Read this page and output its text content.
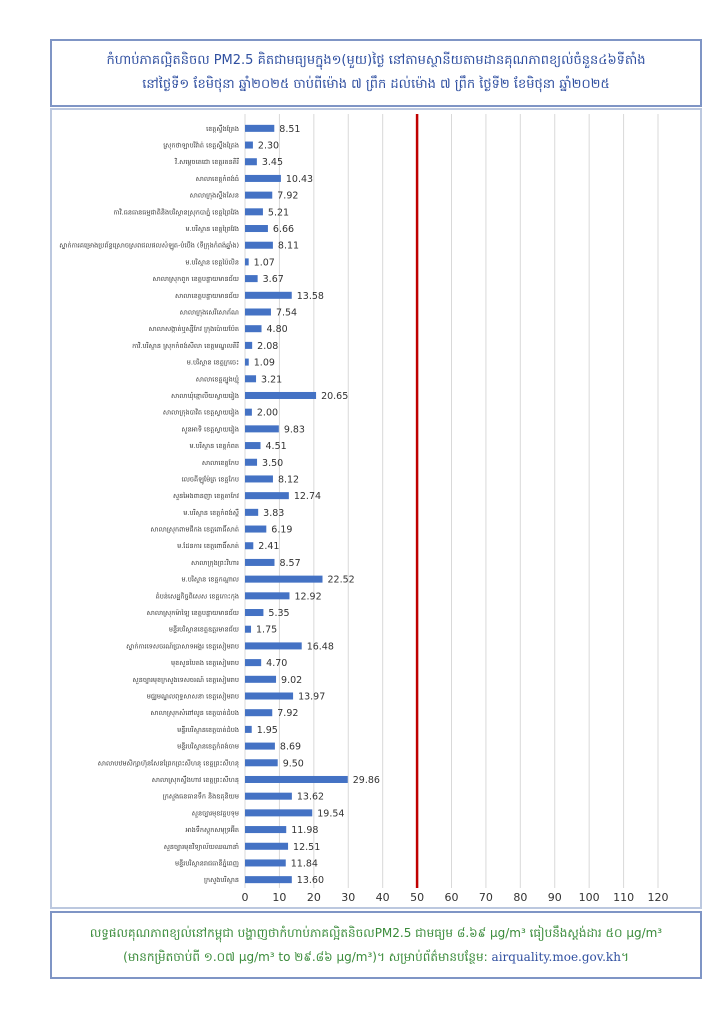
កំហាប់ភាគល្អិតនិចល PM2.5 គិតជាមធ្យមក្នុង១(មួយ)ថ្ងៃ នៅតាមស្ថានីយតាមដានគុណភាពខ្យល់ចំនួន៤៦ទីតាំង
នៅថ្ងៃទី១ ខែមិថុនា ឆ្នាំ២០២៥ ចាប់ពីម៉ោង ៧ ព្រឹក ដល់ម៉ោង ៧ ព្រឹក ថ្ងៃទី២ ខែមិថុនា ឆ្នាំ២០២៥
0 10 20 30 40 50 60 70 80 90 100 110 120
ខេត្តស្ទឹងត្រែង	8.51
ស្រុកថាឡាបរិវ៉ាត់ ខេត្តស្ទឹងត្រែង 2.30
វិ.សម្តេចតេជោ ខេត្តរតនគិរី 3.45
សាលាខេត្តកំពង់ធំ	10.43
សាលាក្រុងស្ទឹងសែន	7.92
កាវិ.ធនធានធម្មជាតិនិងបរិស្ថានស្រុកបាភ្នំ ខេត្តព្រៃវែង	5.21
ម.បរិស្ថាន ខេត្តព្រៃវែង	6.66
ស្នាក់ការគម្រោងប្រព័ន្ធស្រោចស្រពជលផលសំឡូត-បំបើង (ទីក្រុងកំពង់ឆ្នាំង)	8.11
ម.បរិស្ថាន ខេត្តប៉ៃលិន 1.07
សាលាស្រុកពួក ខេត្តបន្ទាយមានជ័យ 3.67
សាលាខេត្តបន្ទាយមានជ័យ	13.58
សាលាក្រុងសេរីសោភ័ណ	7.54
សាលាសង្កាត់ឬស្សីកែវ ក្រុងប៉ោយប៉ែត	4.80
កាវិ.បរិស្ថាន ស្រុកកំពង់សីលា ខេត្តមណ្ឌលគិរី 2.08
ម.បរិស្ថាន ខេត្តក្រចេះ 1.09
សាលាខេត្តត្បូងឃ្មុំ 3.21
សាលាឃុំខ្មោលីយស្វាយរៀង	20.65
សាលាក្រុងបាវិត ខេត្តស្វាយរៀង 2.00
សួនអាទិ ខេត្តស្វាយរៀង	9.83
ម.បរិស្ថាន ខេត្តកំពត	4.51
សាលាខេត្តកែប 3.50
លេចគីឡូម៉ែត្រ ខេត្តកែប	8.12
សួនអៃងពានញា ខេត្តតាកែវ	12.74
ម.បរិស្ថាន ខេត្តកំពង់ស្ពឺ	3.83
សាលាស្រុកពាមជីកង ខេត្តពោធិ៍សាត់	6.19
ម.ដែនការ ខេត្តពោធិ៍សាត់ 2.41
សាលាក្រុងព្រះវិហារ	8.57
ម.បរិស្ថាន ខេត្តកណ្តាល	22.52
តំបន់សេដ្ឋកិច្ចពិសេស ខេត្តកោះកុង	12.92
សាលាស្រុកម៉ាឡៃ ខេត្តបន្ទាយមានជ័យ	5.35
មន្ទីរបរិស្ថានខេត្តឧត្តរមានជ័យ 1.75
ស្នាក់ការទេសចរណ៍ប្រាសាទអង្គរ ខេត្តសៀមរាប	16.48
មុខសួនបៃតង ខេត្តសៀមរាប	4.70
សួនច្បារមុខក្រសួងទេសចរណ៍ ខេត្តសៀមរាប	9.02
មជ្ឈមណ្ឌលពុទ្ធសាសនា ខេត្តសៀមរាប	13.97
សាលាស្រុកសំពៅលូន ខេត្តបាត់ដំបង	7.92
មន្ទីរបរិស្ថានខេត្តបាត់ដំបង 1.95
មន្ទីរបរិស្ថានខេត្តកំពង់ចាម	8.69
សាលាបឋមសិក្សាហ៊ុនសែនព្រែកព្រះសីហនុ ខេត្តព្រះសីហនុ	9.50
សាលាស្រុកស្ទឹងហាវ ខេត្តព្រះសីហនុ	29.86
ក្រសួងធនធានទឹក និងឧតុនិយម	13.62
សួនច្បារមុខវត្តបទុម	19.54
អាងទឹកស្តុកសមុទ្រអ៊ីត	11.98
សួនច្បារមុខវិទ្យាល័យឈណានាំ	12.51
មន្ទីរបរិស្ថានរាជធានីភ្នំពេញ	11.84
ក្រសួងបរិស្ថាន	13.60
លទ្ធផលគុណភាពខ្យល់នៅកម្ពុជា បង្ហាញថាកំហាប់ភាគល្អិតនិចលPM2.5 ជាមធ្យម ៨.៦៩ µg/m³ ធៀបនឹងស្តង់ដារ ៥០ µg/m³
(មានកម្រិតចាប់ពី ១.០៧ µg/m³ to ២៩.៨៦ µg/m³)។ សម្រាប់ព័ត៌មានបន្ថែម: airquality.moe.gov.kh។
